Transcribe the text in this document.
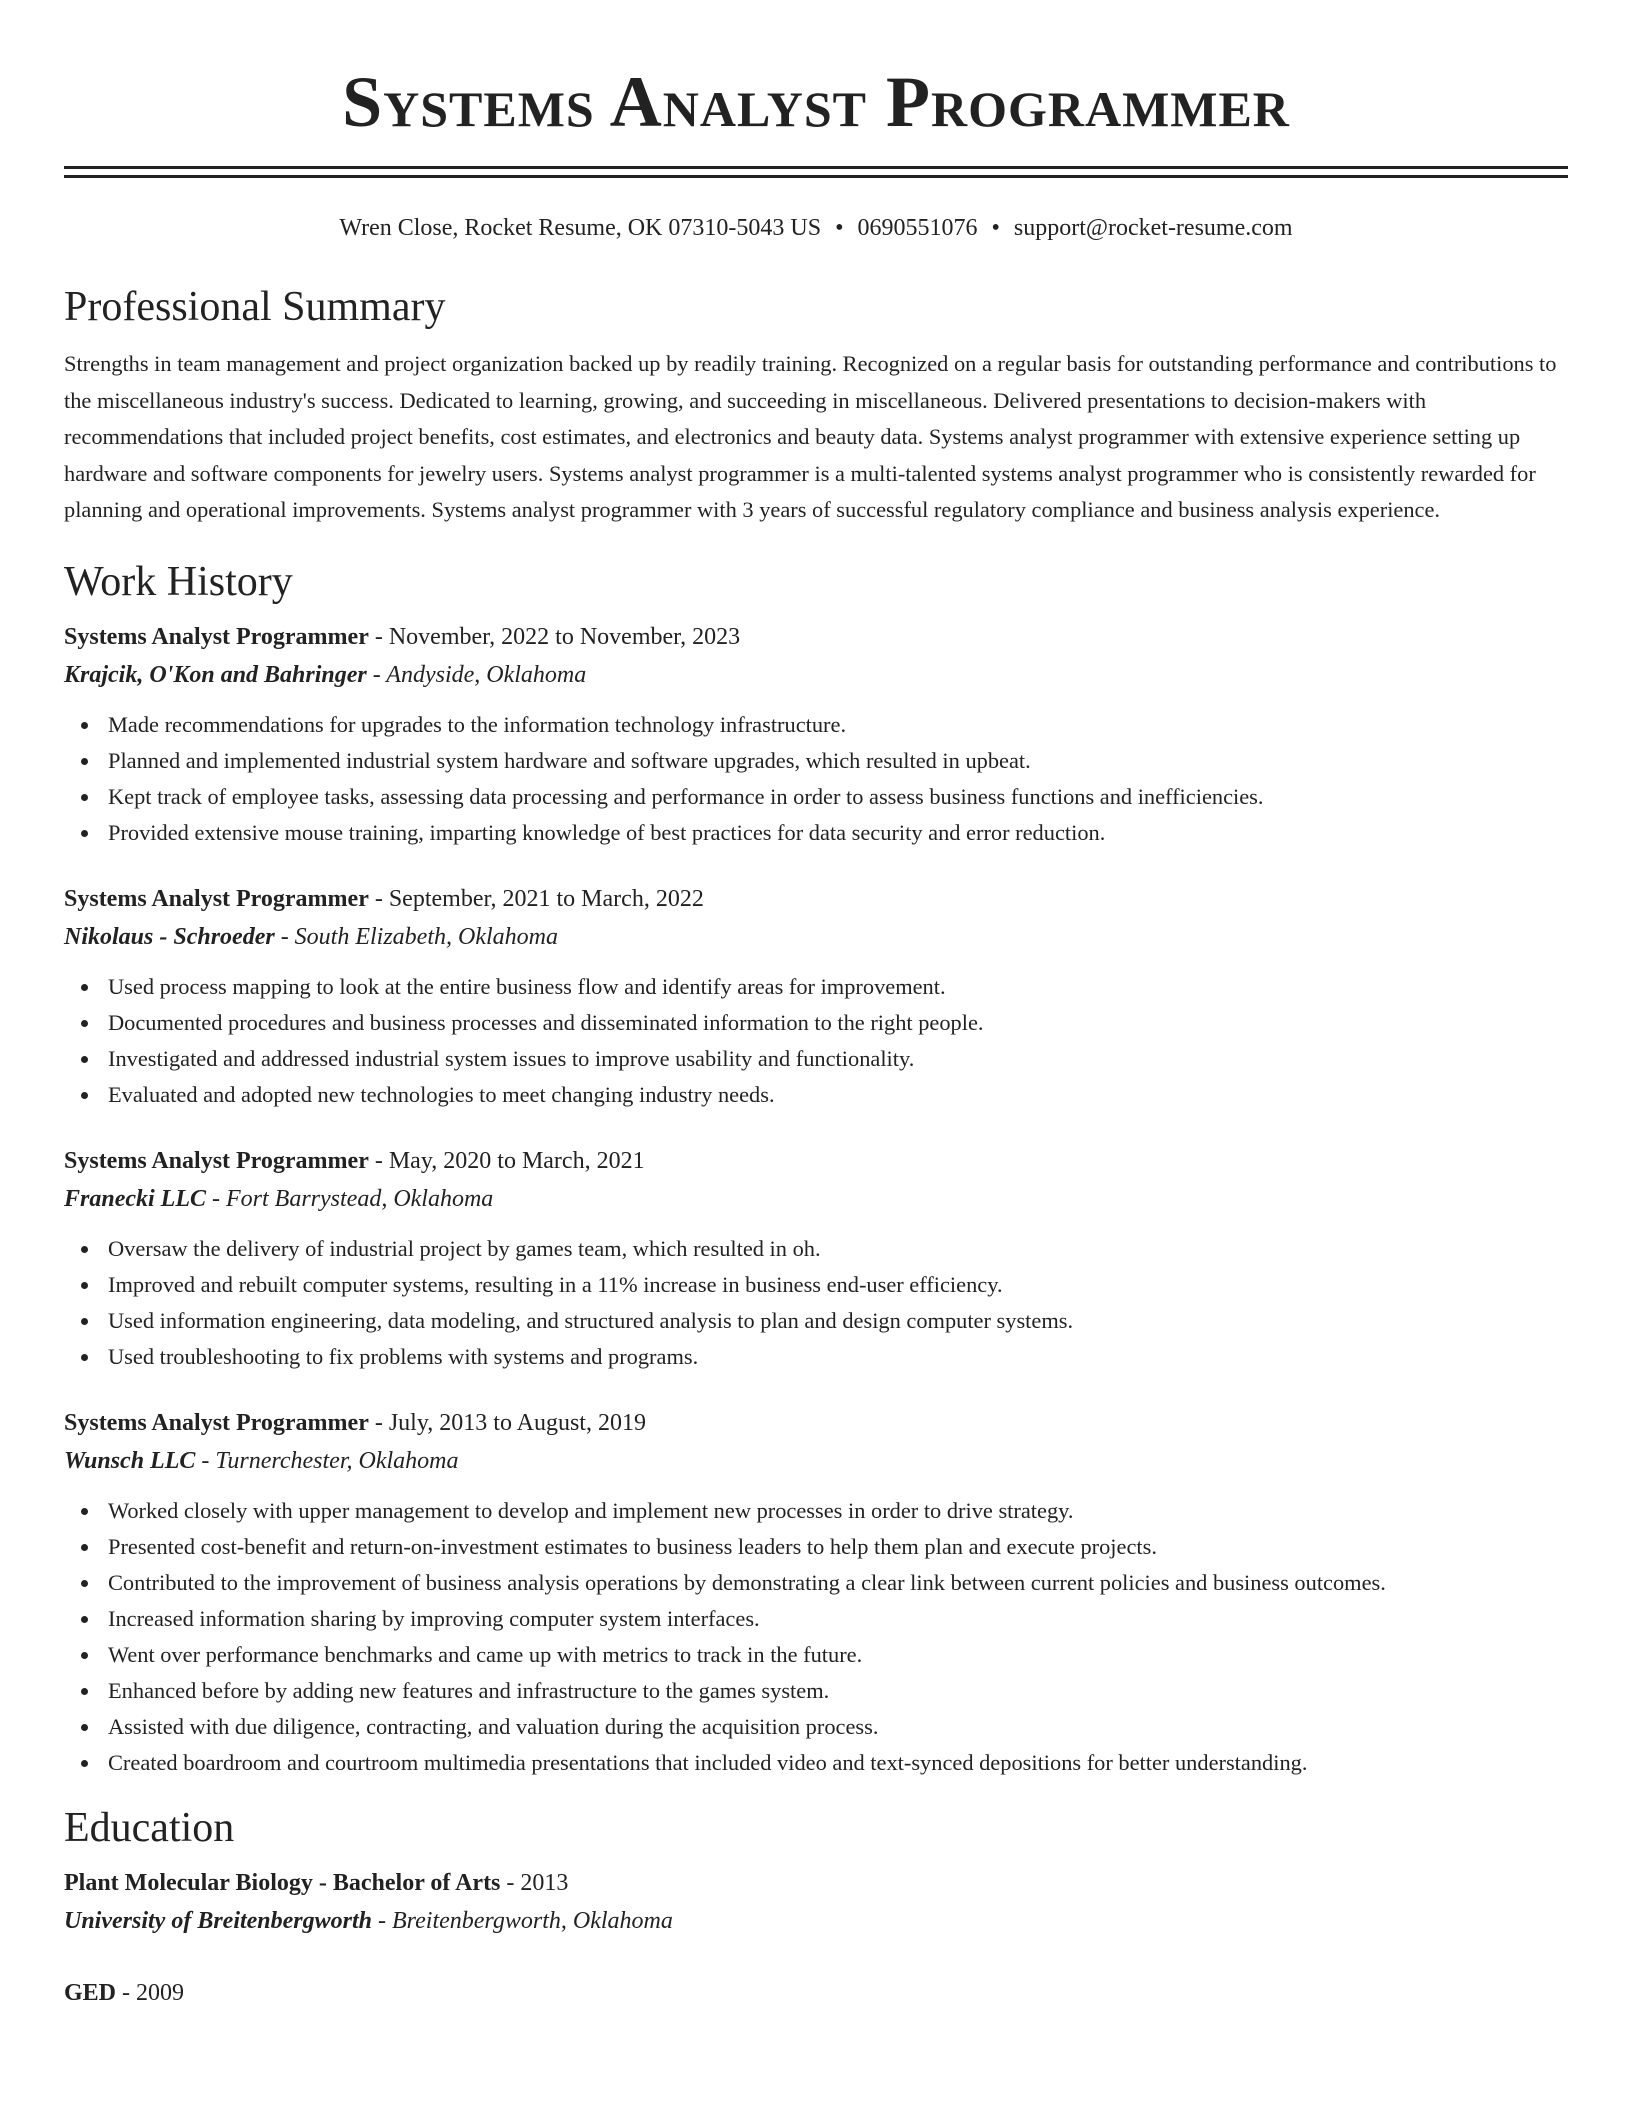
Systems Analyst Programmer
Wren Close, Rocket Resume, OK 07310-5043 US • 0690551076 • support@rocket-resume.com
Professional Summary

Strengths in team management and project organization backed up by readily training. Recognized on a regular basis for outstanding performance and contributions to the miscellaneous industry's success. Dedicated to learning, growing, and succeeding in miscellaneous. Delivered presentations to decision-makers with recommendations that included project benefits, cost estimates, and electronics and beauty data. Systems analyst programmer with extensive experience setting up hardware and software components for jewelry users. Systems analyst programmer is a multi-talented systems analyst programmer who is consistently rewarded for planning and operational improvements. Systems analyst programmer with 3 years of successful regulatory compliance and business analysis experience.

Work History
Systems Analyst Programmer - November, 2022 to November, 2023
Krajcik, O'Kon and Bahringer - Andyside, Oklahoma
Made recommendations for upgrades to the information technology infrastructure.
Planned and implemented industrial system hardware and software upgrades, which resulted in upbeat.
Kept track of employee tasks, assessing data processing and performance in order to assess business functions and inefficiencies.
Provided extensive mouse training, imparting knowledge of best practices for data security and error reduction.
Systems Analyst Programmer - September, 2021 to March, 2022
Nikolaus - Schroeder - South Elizabeth, Oklahoma
Used process mapping to look at the entire business flow and identify areas for improvement.
Documented procedures and business processes and disseminated information to the right people.
Investigated and addressed industrial system issues to improve usability and functionality.
Evaluated and adopted new technologies to meet changing industry needs.
Systems Analyst Programmer - May, 2020 to March, 2021
Franecki LLC - Fort Barrystead, Oklahoma
Oversaw the delivery of industrial project by games team, which resulted in oh.
Improved and rebuilt computer systems, resulting in a 11% increase in business end-user efficiency.
Used information engineering, data modeling, and structured analysis to plan and design computer systems.
Used troubleshooting to fix problems with systems and programs.
Systems Analyst Programmer - July, 2013 to August, 2019
Wunsch LLC - Turnerchester, Oklahoma
Worked closely with upper management to develop and implement new processes in order to drive strategy.
Presented cost-benefit and return-on-investment estimates to business leaders to help them plan and execute projects.
Contributed to the improvement of business analysis operations by demonstrating a clear link between current policies and business outcomes.
Increased information sharing by improving computer system interfaces.
Went over performance benchmarks and came up with metrics to track in the future.
Enhanced before by adding new features and infrastructure to the games system.
Assisted with due diligence, contracting, and valuation during the acquisition process.
Created boardroom and courtroom multimedia presentations that included video and text-synced depositions for better understanding.
Education
Plant Molecular Biology - Bachelor of Arts - 2013
University of Breitenbergworth - Breitenbergworth, Oklahoma
GED - 2009
